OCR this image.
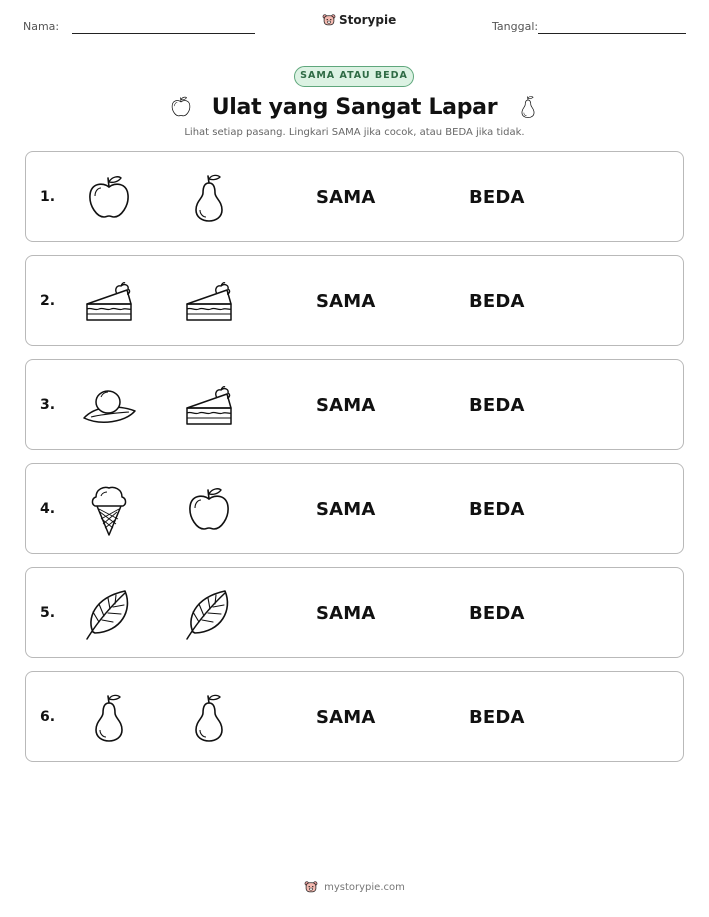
Nama:	Storypie	Tanggal:
SAMA ATAU BEDA
Ulat yang Sangat Lapar
Lihat setiap pasang. Lingkari SAMA jika cocok, atau BEDA jika tidak.
1.	SAMA	BEDA
2.	SAMA	BEDA
3.	SAMA	BEDA
4.	SAMA	BEDA
5.	SAMA	BEDA
6.	SAMA	BEDA
mystorypie.com
